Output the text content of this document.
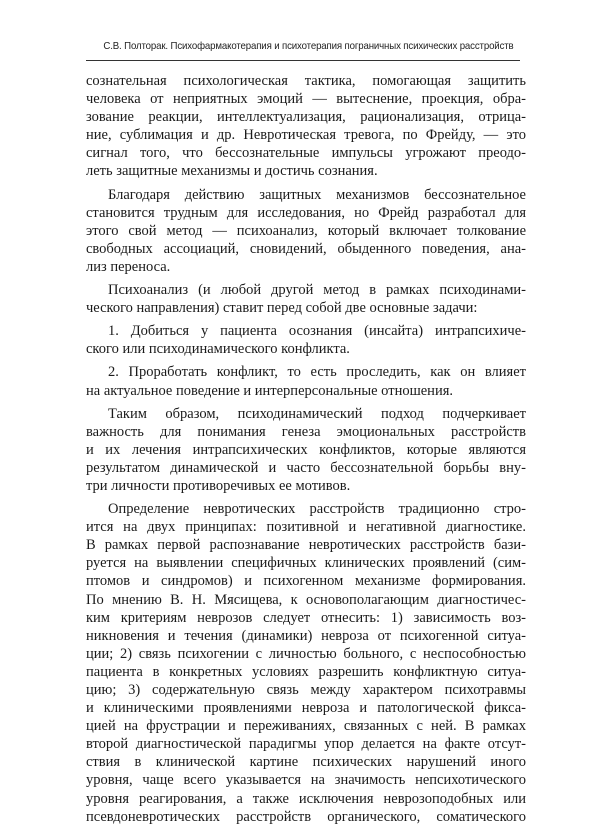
С.В. Полторак. Психофармакотерапия и психотерапия пограничных психических расстройств
сознательная психологическая тактика, помогающая защитить
человека от неприятных эмоций — вытеснение, проекция, обра-
зование реакции, интеллектуализация, рационализация, отрица-
ние, сублимация и др. Невротическая тревога, по Фрейду, — это
сигнал того, что бессознательные импульсы угрожают преодо-
леть защитные механизмы и достичь сознания.
Благодаря действию защитных механизмов бессознательное
становится трудным для исследования, но Фрейд разработал для
этого свой метод — психоанализ, который включает толкование
свободных ассоциаций, сновидений, обыденного поведения, ана-
лиз переноса.
Психоанализ (и любой другой метод в рамках психодинами-
ческого направления) ставит перед собой две основные задачи:
1. Добиться у пациента осознания (инсайта) интрапсихиче-
ского или психодинамического конфликта.
2. Проработать конфликт, то есть проследить, как он влияет
на актуальное поведение и интерперсональные отношения.
Таким образом, психодинамический подход подчеркивает
важность для понимания генеза эмоциональных расстройств
и их лечения интрапсихических конфликтов, которые являются
результатом динамической и часто бессознательной борьбы вну-
три личности противоречивых ее мотивов.
Определение невротических расстройств традиционно стро-
ится на двух принципах: позитивной и негативной диагностике.
В рамках первой распознавание невротических расстройств бази-
руется на выявлении специфичных клинических проявлений (сим-
птомов и синдромов) и психогенном механизме формирования.
По мнению В. Н. Мясищева, к основополагающим диагностичес-
ким критериям неврозов следует отнесить: 1) зависимость воз-
никновения и течения (динамики) невроза от психогенной ситуа-
ции; 2) связь психогении с личностью больного, с неспособностью
пациента в конкретных условиях разрешить конфликтную ситуа-
цию; 3) содержательную связь между характером психотравмы
и клиническими проявлениями невроза и патологической фикса-
цией на фрустрации и переживаниях, связанных с ней. В рамках
второй диагностической парадигмы упор делается на факте отсут-
ствия в клинической картине психических нарушений иного
уровня, чаще всего указывается на значимость непсихотического
уровня реагирования, а также исключения неврозоподобных или
псевдоневротических расстройств органического, соматического
